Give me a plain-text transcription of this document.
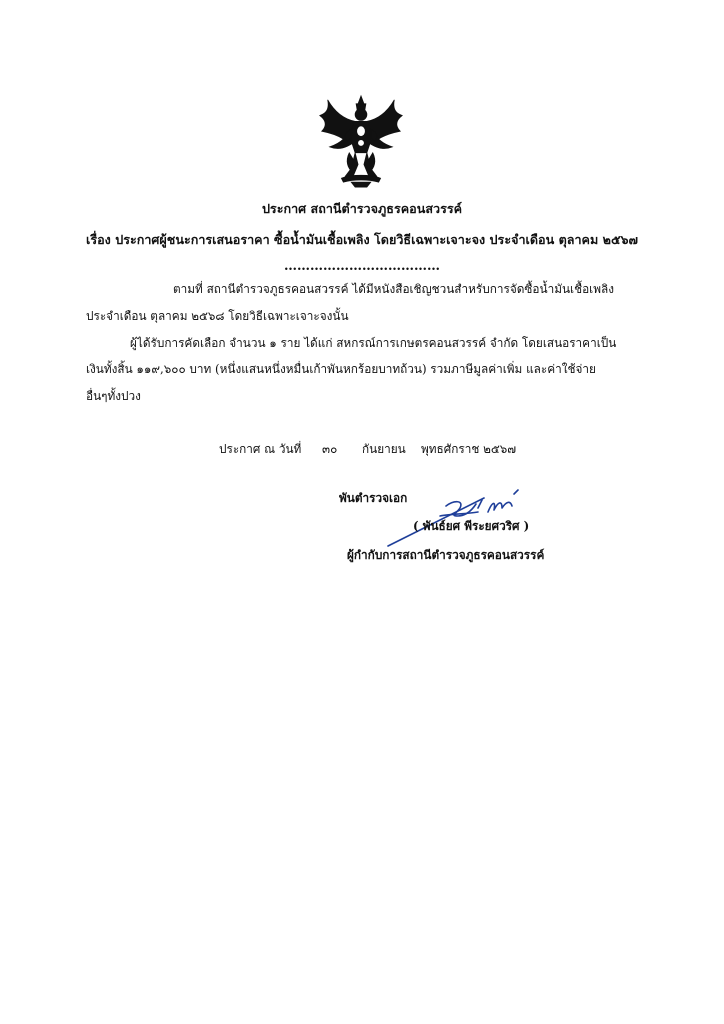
ประกาศ สถานีตำรวจภูธรคอนสวรรค์
เรื่อง ประกาศผู้ชนะการเสนอราคา ซื้อน้ำมันเชื้อเพลิง โดยวิธีเฉพาะเจาะจง ประจำเดือน ตุลาคม ๒๕๖๗
………………………………
ตามที่ สถานีตำรวจภูธรคอนสวรรค์ ได้มีหนังสือเชิญชวนสำหรับการจัดซื้อน้ำมันเชื้อเพลิง
ประจำเดือน ตุลาคม ๒๕๖๘ โดยวิธีเฉพาะเจาะจงนั้น
ผู้ได้รับการคัดเลือก จำนวน ๑ ราย ได้แก่ สหกรณ์การเกษตรคอนสวรรค์ จำกัด โดยเสนอราคาเป็น
เงินทั้งสิ้น ๑๑๙,๖๐๐ บาท (หนึ่งแสนหนึ่งหมื่นเก้าพันหกร้อยบาทถ้วน) รวมภาษีมูลค่าเพิ่ม และค่าใช้จ่าย
อื่นๆทั้งปวง
ประกาศ ณ วันที่ ๓๐ กันยายน พุทธศักราช ๒๕๖๗
พันตำรวจเอก
( พันธ์ยศ พีระยศวริศ )
ผู้กำกับการสถานีตำรวจภูธรคอนสวรรค์
